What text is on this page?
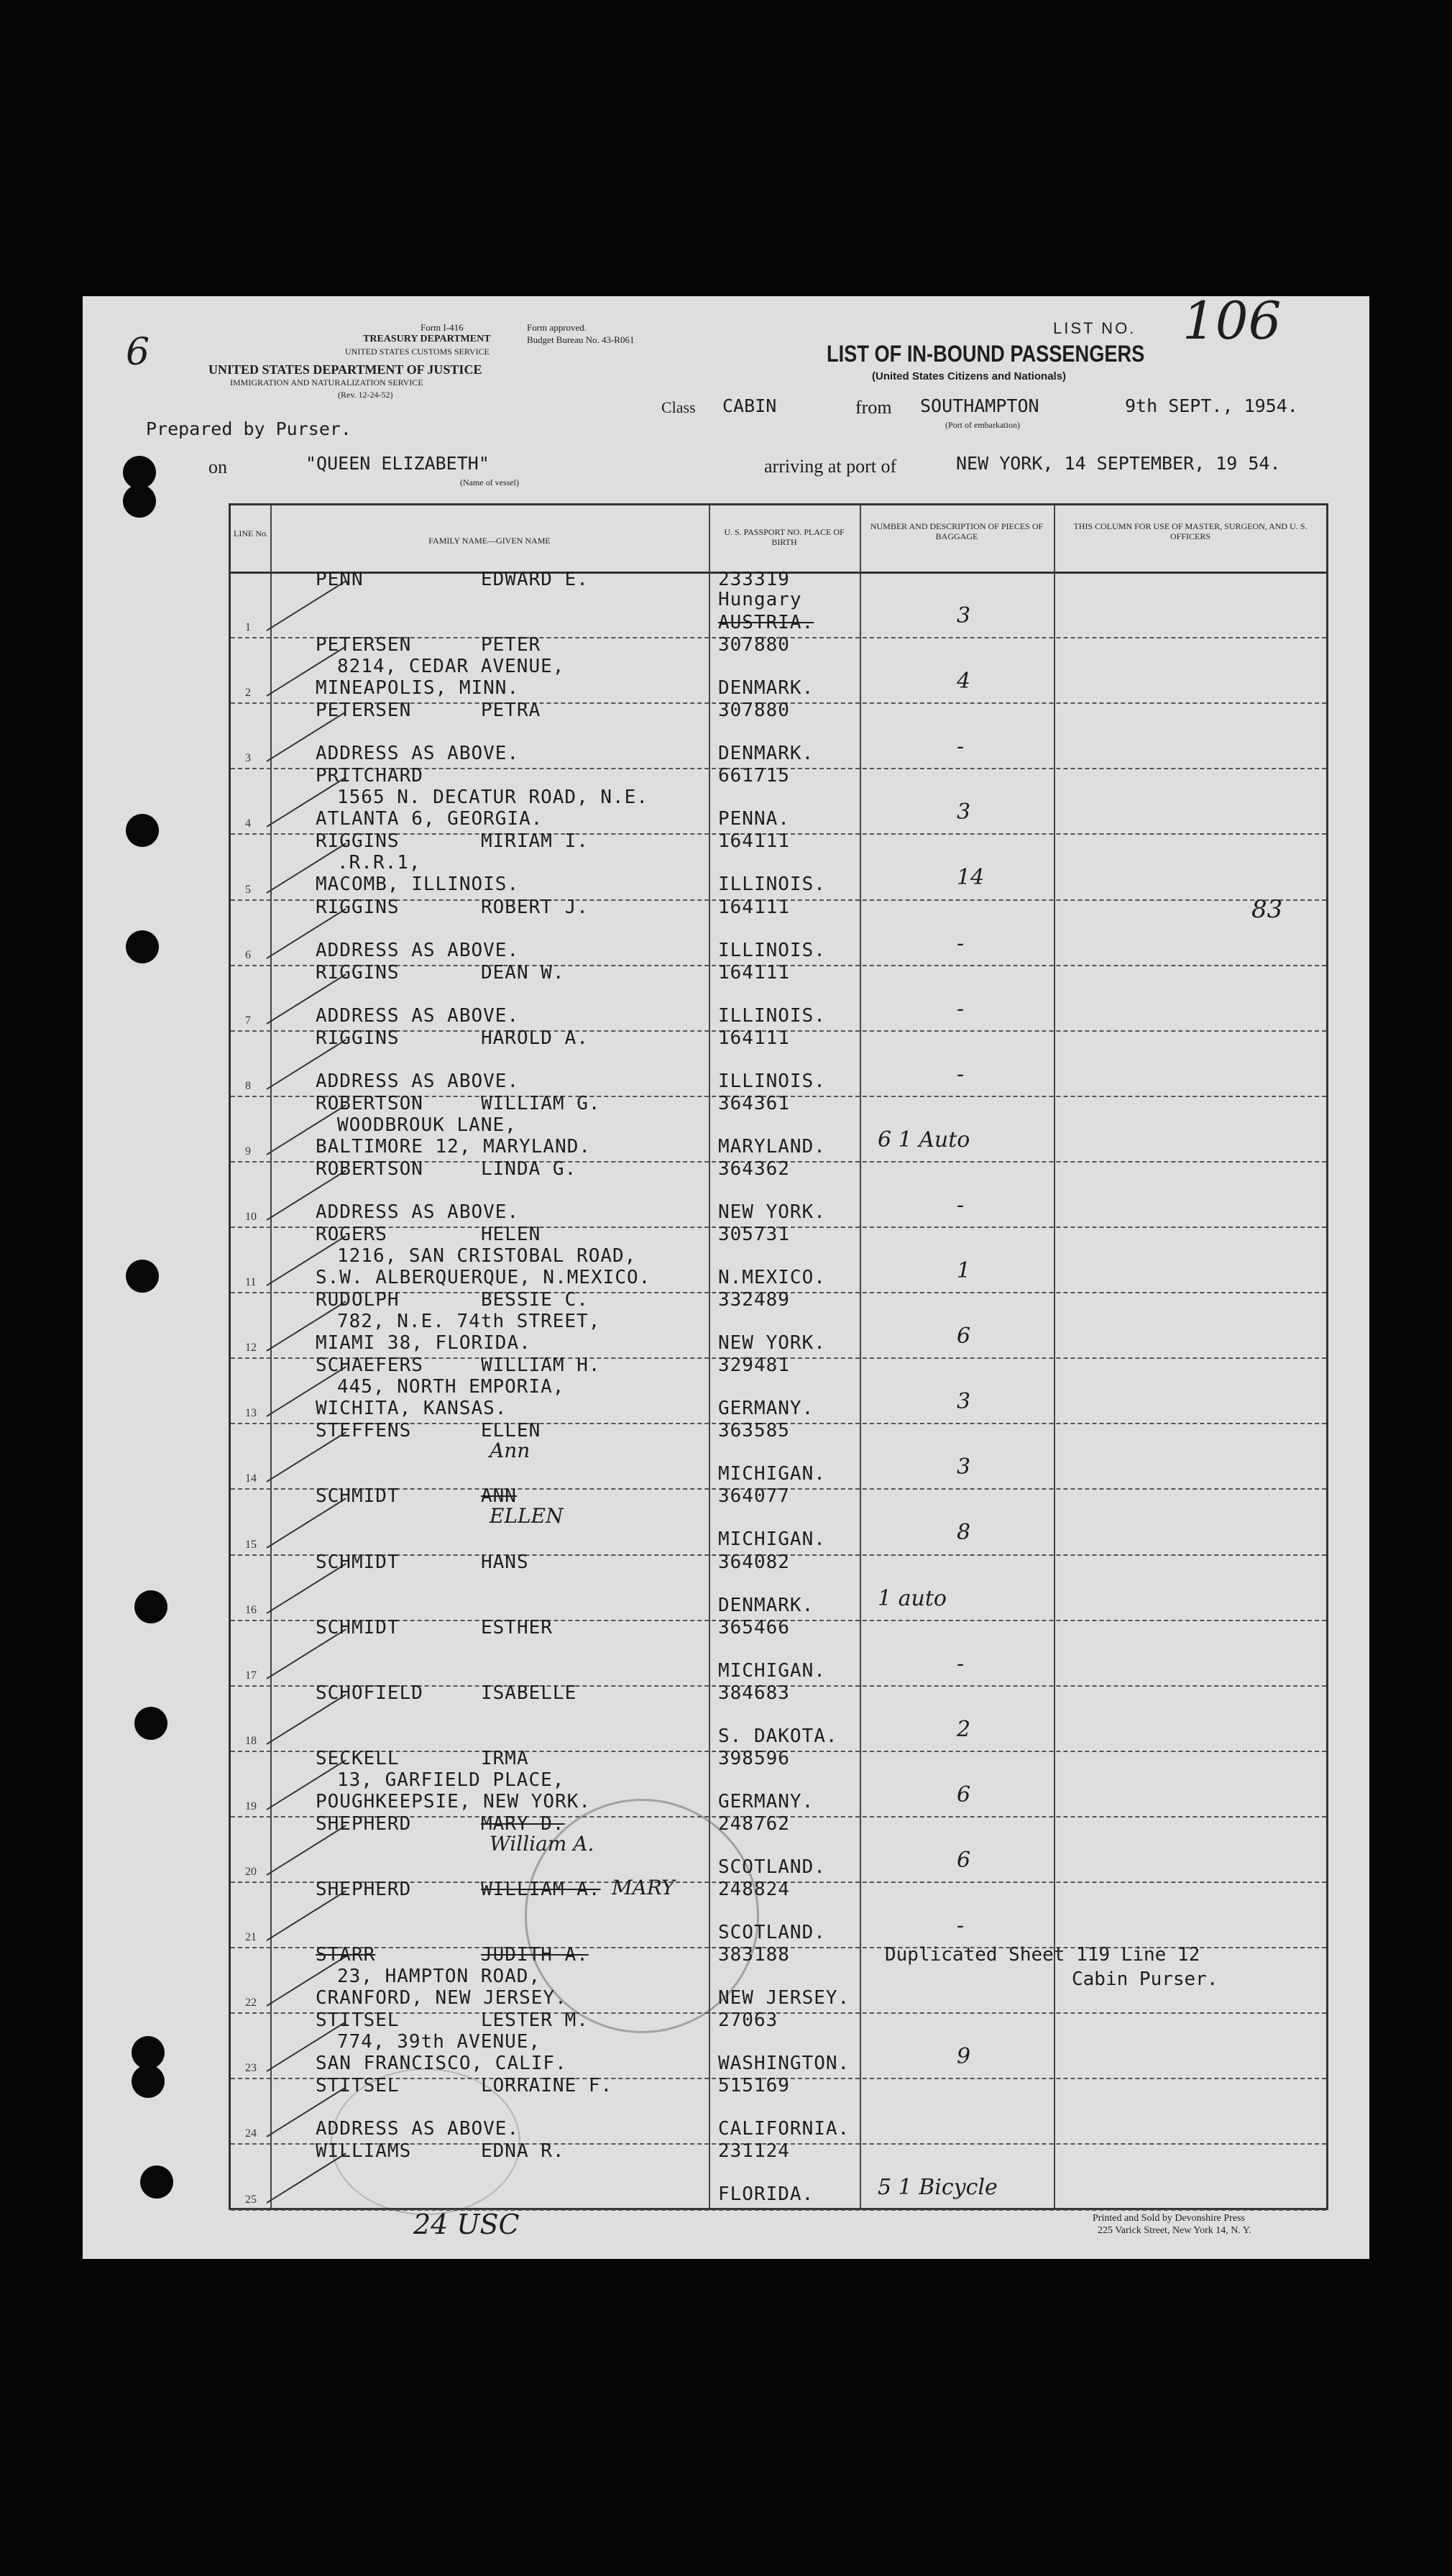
6
Form I-416
TREASURY DEPARTMENT
UNITED STATES CUSTOMS SERVICE
UNITED STATES DEPARTMENT OF JUSTICE
IMMIGRATION AND NATURALIZATION SERVICE
(Rev. 12-24-52)
Form approved.
Budget Bureau No. 43-R061
LIST NO. 106
LIST OF IN-BOUND PASSENGERS
(United States Citizens and Nationals)
Class CABIN	from SOUTHAMPTON	9th SEPT., 1954.
(Port of embarkation)
Prepared by Purser.
on	"QUEEN ELIZABETH"
(Name of vessel)
arriving at port of	NEW YORK, 14 SEPTEMBER, 19 54.
24 USC	Printed and Sold by Devonshire Press
225 Varick Street, New York 14, N. Y.
LINE No.
FAMILY NAME—GIVEN NAME
U. S. PASSPORT NO. PLACE OF BIRTH
NUMBER AND DESCRIPTION OF PIECES OF BAGGAGE
THIS COLUMN FOR USE OF MASTER, SURGEON, AND U. S. OFFICERS
1
PENN	EDWARD E.	233319
Hungary
AUSTRIA.	3
2
PETERSEN	PETER
8214, CEDAR AVENUE,
MINEAPOLIS, MINN.
307880
DENMARK.	4
3
PETERSEN	PETRA
ADDRESS AS ABOVE.
307880
DENMARK.	-
4
PRITCHARD
1565 N. DECATUR ROAD, N.E.
ATLANTA 6, GEORGIA.
661715
PENNA.	3
5
RIGGINS	MIRIAM I.
.R.R.1,
MACOMB, ILLINOIS.
164111
ILLINOIS.	14
6
RIGGINS	ROBERT J.
ADDRESS AS ABOVE.
164111
ILLINOIS.	-
83
7
RIGGINS	DEAN W.
ADDRESS AS ABOVE.
164111
ILLINOIS.	-
8
RIGGINS	HAROLD A.
ADDRESS AS ABOVE.
164111
ILLINOIS.	-
9
ROBERTSON	WILLIAM G.
WOODBROUK LANE,
BALTIMORE 12, MARYLAND.
364361
MARYLAND. 6 1 Auto
10
ROBERTSON	LINDA G.
ADDRESS AS ABOVE.
364362
NEW YORK.	-
11
ROGERS	HELEN
1216, SAN CRISTOBAL ROAD,
S.W. ALBERQUERQUE, N.MEXICO.
305731
N.MEXICO.	1
12
RUDOLPH	BESSIE C.
782, N.E. 74th STREET,
MIAMI 38, FLORIDA.
332489
NEW YORK.	6
13
SCHAEFERS	WILLIAM H.
445, NORTH EMPORIA,
WICHITA, KANSAS.
329481
GERMANY.	3
14
STEFFENS	ELLEN
Ann
363585
MICHIGAN.	3
15
SCHMIDT	ANN
ELLEN
364077
MICHIGAN.	8
16
SCHMIDT	HANS	364082
DENMARK.	1 auto
17
SCHMIDT	ESTHER	365466
MICHIGAN.	-
18
SCHOFIELD	ISABELLE	384683
S. DAKOTA.	2
19
SECKELL	IRMA
13, GARFIELD PLACE,
POUGHKEEPSIE, NEW YORK.
398596
GERMANY.	6
20
SHEPHERD	MARY D.
William A.
248762
SCOTLAND.	6
21
SHEPHERD	WILLIAM A. MARY 248824
SCOTLAND.	-
22
STARR	JUDITH A.
23, HAMPTON ROAD,
CRANFORD, NEW JERSEY.
383188
NEW JERSEY.
Duplicated Sheet 119 Line 12
Cabin Purser.
23
STITSEL	LESTER M.
774, 39th AVENUE,
SAN FRANCISCO, CALIF.
27063
WASHINGTON.	9
24
STITSEL	LORRAINE F.
ADDRESS AS ABOVE.
515169
CALIFORNIA.
25
WILLIAMS	EDNA R.	231124
FLORIDA.	5 1 Bicycle
